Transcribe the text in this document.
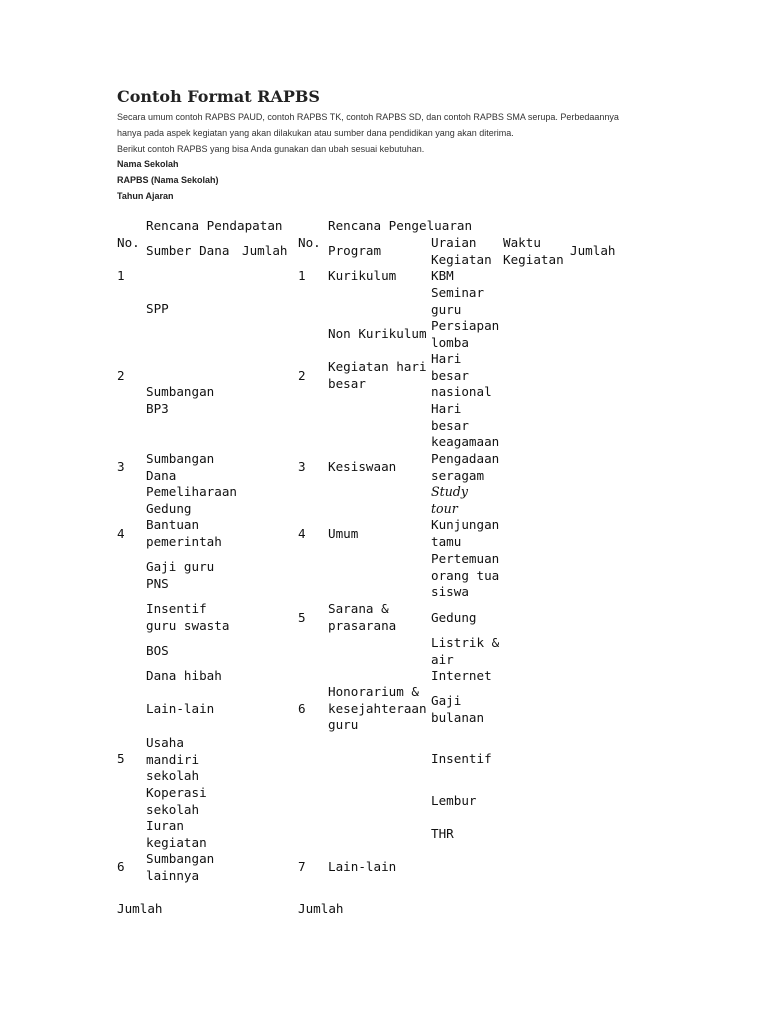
Contoh Format RAPBS
Secara umum contoh RAPBS PAUD, contoh RAPBS TK, contoh RAPBS SD, dan contoh RAPBS SMA serupa. Perbedaannya
hanya pada aspek kegiatan yang akan dilakukan atau sumber dana pendidikan yang akan diterima.
Berikut contoh RAPBS yang bisa Anda gunakan dan ubah sesuai kebutuhan.
Nama Sekolah
RAPBS (Nama Sekolah)
Tahun Ajaran
Rencana Pendapatan	Rencana Pengeluaran
No.
Sumber Dana Jumlah
No.
Program
Uraian
Kegiatan
Waktu
Kegiatan
Jumlah
1
2
3
4
5
6
SPP
Sumbangan
BP3
Sumbangan
Dana
Pemeliharaan
Gedung
Bantuan
pemerintah
Gaji guru
PNS
Insentif
guru swasta
BOS
Dana hibah
Lain-lain
Usaha
mandiri
sekolah
Koperasi
sekolah
Iuran
kegiatan
Sumbangan
lainnya
1
2
3
4
5
6
7
Kurikulum
Non Kurikulum
Kegiatan hari
besar
Kesiswaan
Umum
Sarana &
prasarana
Honorarium &
kesejahteraan
guru
Lain-lain
KBM
Seminar
guru
Persiapan
lomba
Hari
besar
nasional
Hari
besar
keagamaan
Pengadaan
seragam
Study
tour
Kunjungan
tamu
Pertemuan
orang tua
siswa
Gedung
Listrik &
air
Internet
Gaji
bulanan
Insentif
Lembur
THR
Jumlah	Jumlah
